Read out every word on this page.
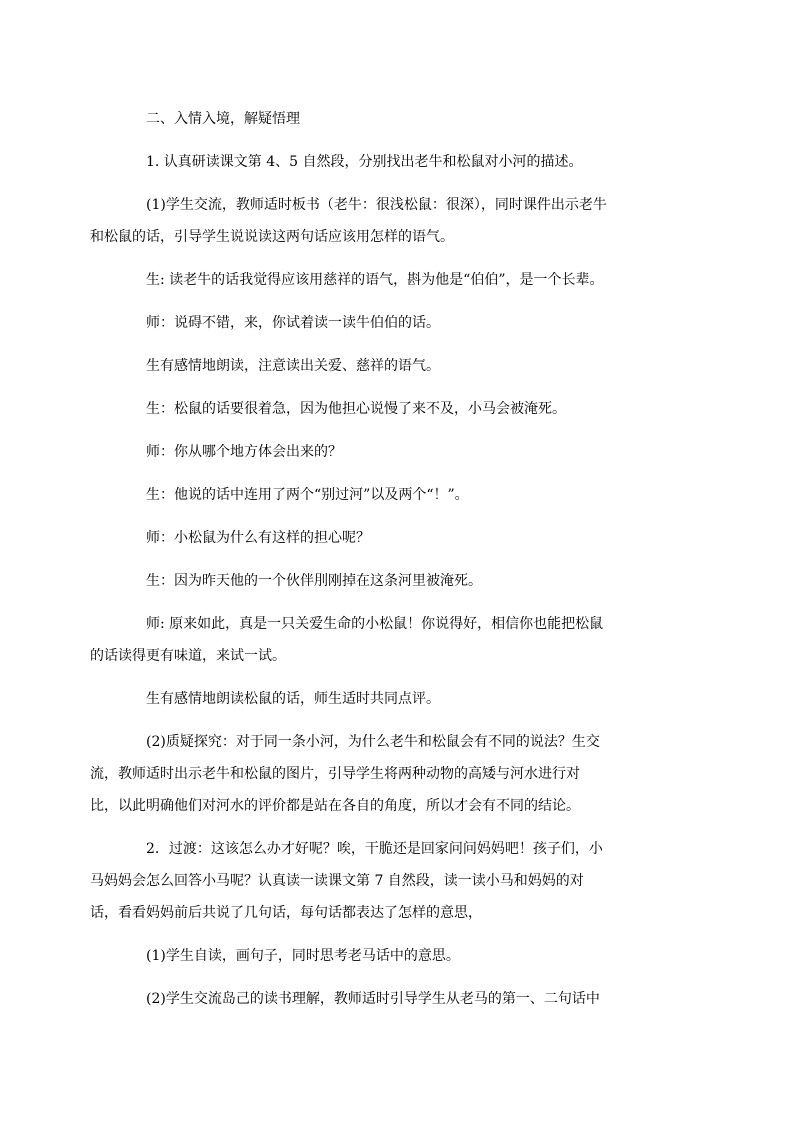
二、入情入境，解疑悟理
1. 认真研读课文第 4、5 自然段，分别找出老牛和松鼠对小河的描述。
(1)学生交流，教师适时板书（老牛：很浅松鼠：很深），同时课件出示老牛
和松鼠的话，引导学生说说读这两句话应该用怎样的语气。
生: 读老牛的话我觉得应该用慈祥的语气，斟为他是“伯伯”，是一个长辈。
师：说碍不错，来，你试着读一读牛伯伯的话。
生有感情地朗读，注意读出关爱、慈祥的语气。
生：松鼠的话要很着急，因为他担心说慢了来不及，小马会被淹死。
师：你从哪个地方体会出来的？
生：他说的话中连用了两个“别过河”以及两个“！”。
师：小松鼠为什么有这样的担心呢？
生：因为昨天他的一个伙伴刖刚掉在这条河里被淹死。
师: 原来如此，真是一只关爱生命的小松鼠！你说得好，相信你也能把松鼠
的话读得更有味道，来试一试。
生有感情地朗读松鼠的话，师生适时共同点评。
(2)质疑探究：对于同一条小河，为什么老牛和松鼠会有不同的说法？生交
流，教师适时出示老牛和松鼠的图片，引导学生将两种动物的高矮与河水进行对
比，以此明确他们对河水的评价都是站在各自的角度，所以才会有不同的结论。
2．过渡：这该怎么办才好呢？唉，干脆还是回家问问妈妈吧！孩子们，小
马妈妈会怎么回答小马呢？认真读一读课文第 7 自然段，读一读小马和妈妈的对
话，看看妈妈前后共说了几句话，每句话都表达了怎样的意思，
(1)学生自读，画句子，同时思考老马话中的意思。
(2)学生交流岛己的读书理解，教师适时引导学生从老马的第一、二句话中
